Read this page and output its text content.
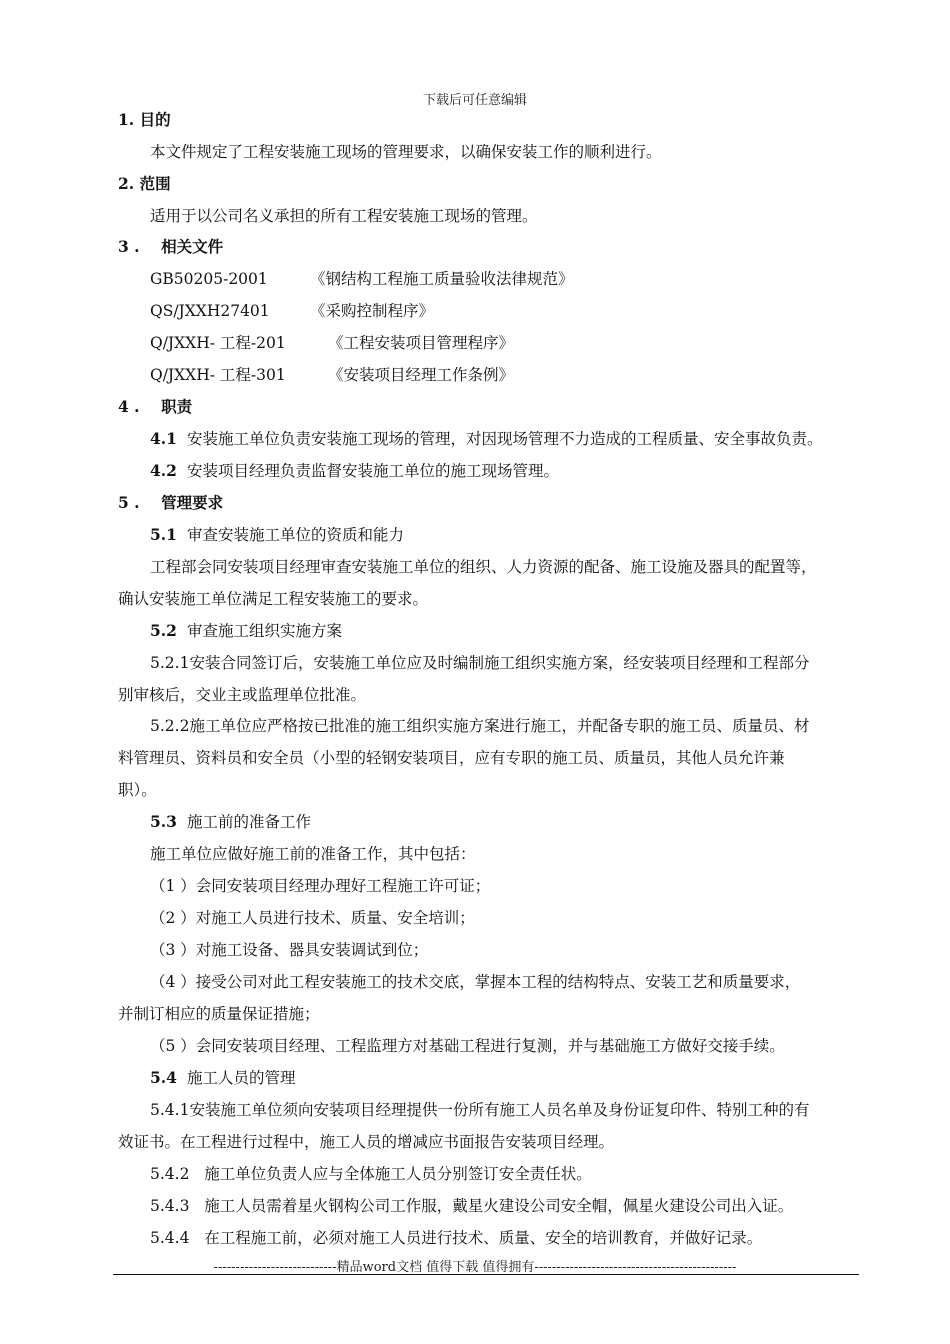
下载后可任意编辑
1. 目的
本文件规定了工程安装施工现场的管理要求，以确保安装工作的顺利进行。
2. 范围
适用于以公司名义承担的所有工程安装施工现场的管理。
3 .    相关文件
GB50205-2001	《钢结构工程施工质量验收法律规范》
QS/JXXH27401	《采购控制程序》
Q/JXXH- 工程-201	《工程安装项目管理程序》
Q/JXXH- 工程-301	《安装项目经理工作条例》
4 .    职责
4.1 安装施工单位负责安装施工现场的管理，对因现场管理不力造成的工程质量、安全事故负责。
4.2 安装项目经理负责监督安装施工单位的施工现场管理。
5 .    管理要求
5.1 审查安装施工单位的资质和能力
工程部会同安装项目经理审查安装施工单位的组织、人力资源的配备、施工设施及器具的配置等，
确认安装施工单位满足工程安装施工的要求。
5.2 审查施工组织实施方案
5.2.1安装合同签订后，安装施工单位应及时编制施工组织实施方案，经安装项目经理和工程部分
别审核后，交业主或监理单位批准。
5.2.2施工单位应严格按已批准的施工组织实施方案进行施工，并配备专职的施工员、质量员、材
料管理员、资料员和安全员（小型的轻钢安装项目，应有专职的施工员、质量员，其他人员允许兼
职）。
5.3 施工前的准备工作
施工单位应做好施工前的准备工作，其中包括：
（1 ）会同安装项目经理办理好工程施工许可证；
（2 ）对施工人员进行技术、质量、安全培训；
（3 ）对施工设备、器具安装调试到位；
（4 ）接受公司对此工程安装施工的技术交底，掌握本工程的结构特点、安装工艺和质量要求，
并制订相应的质量保证措施；
（5 ）会同安装项目经理、工程监理方对基础工程进行复测，并与基础施工方做好交接手续。
5.4 施工人员的管理
5.4.1安装施工单位须向安装项目经理提供一份所有施工人员名单及身份证复印件、特别工种的有
效证书。在工程进行过程中，施工人员的增减应书面报告安装项目经理。
5.4.2   施工单位负责人应与全体施工人员分别签订安全责任状。
5.4.3   施工人员需着星火钢构公司工作服，戴星火建设公司安全帽，佩星火建设公司出入证。
5.4.4   在工程施工前，必须对施工人员进行技术、质量、安全的培训教育，并做好记录。
----------------------------精品word文档 值得下载 值得拥有----------------------------------------------
